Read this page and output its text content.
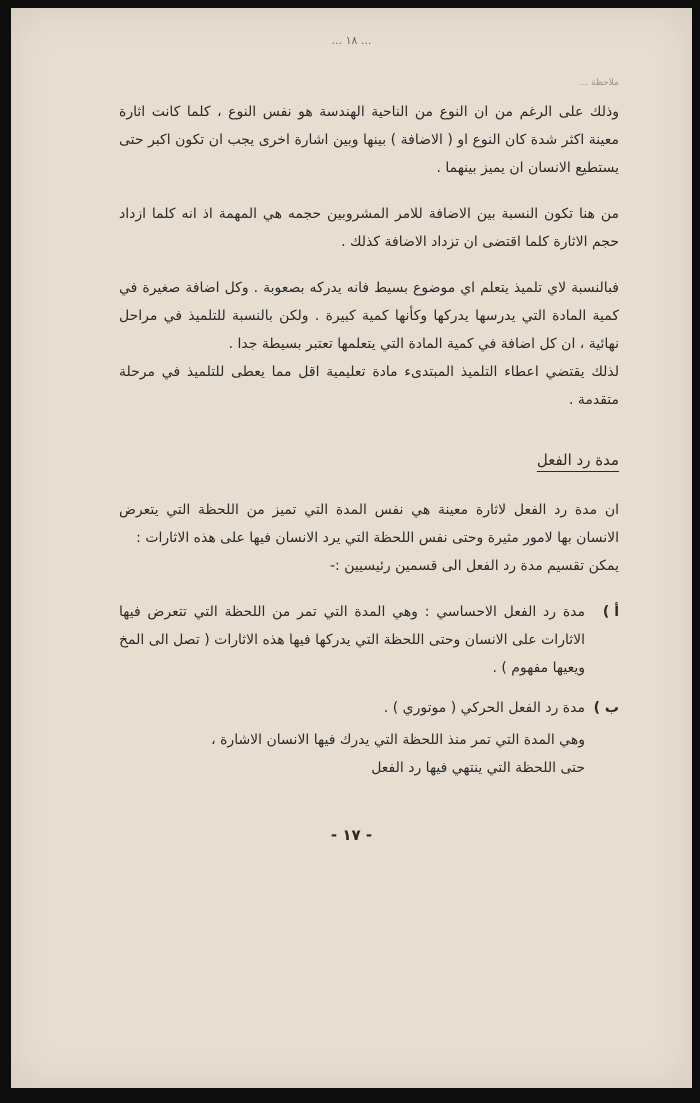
... ١٨ ...
ملاحظة ...

وذلك على الرغم من ان النوع من الناحية الهندسة هو نفس النوع ، كلما كانت اثارة معينة اكثر شدة كان النوع او ( الاضافة ) بينها وبين اشارة اخرى يجب ان تكون اكبر حتى يستطيع الانسان ان يميز بينهما .

من هنا تكون النسبة بين الاضافة للامر المشروبين حجمه هي المهمة اذ انه كلما ازداد حجم الاثارة كلما اقتضى ان تزداد الاضافة كذلك .

فبالنسبة لاي تلميذ يتعلم اي موضوع بسيط فانه يدركه بصعوبة . وكل اضافة صغيرة في كمية المادة التي يدرسها يدركها وكأنها كمية كبيرة . ولكن بالنسبة للتلميذ في مراحل نهائية ، ان كل اضافة في كمية المادة التي يتعلمها تعتبر بسيطة جدا .

لذلك يقتضي اعطاء التلميذ المبتدىء مادة تعليمية اقل مما يعطى للتلميذ في مرحلة متقدمة .

مدة رد الفعل

ان مدة رد الفعل لاثارة معينة هي نفس المدة التي تميز من اللحظة التي يتعرض الانسان بها لامور مثيرة وحتى نفس اللحظة التي يرد الانسان فيها على هذه الاثارات :

يمكن تقسيم مدة رد الفعل الى قسمين رئيسيين :-

أ )
مدة رد الفعل الاحساسي : وهي المدة التي تمر من اللحظة التي تتعرض فيها الاثارات على الانسان وحتى اللحظة التي يدركها فيها هذه الاثارات ( تصل الى المخ ويعيها مفهوم ) .
ب )
مدة رد الفعل الحركي ( موتوري ) .
وهي المدة التي تمر منذ اللحظة التي يدرك فيها الانسان الاشارة ،
حتى اللحظة التي ينتهي فيها رد الفعل
- ١٧ -
